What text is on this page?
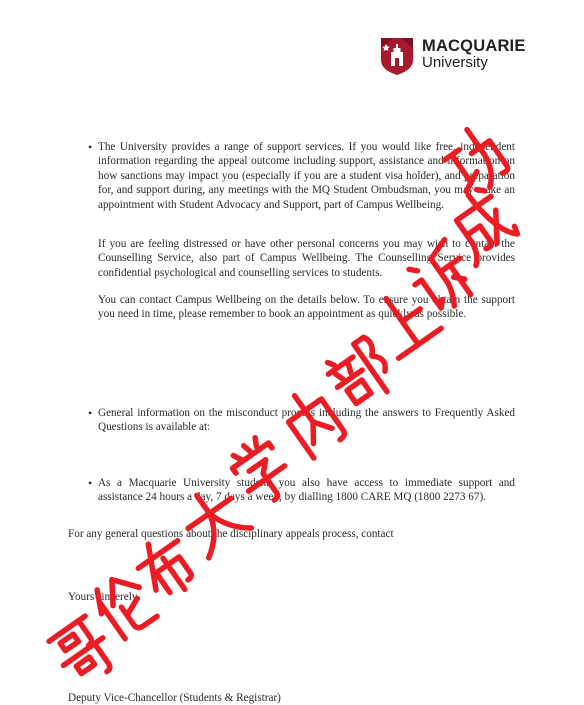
MACQUARIE
University
• The University provides a range of support services. If you would like free, independent information regarding the appeal outcome including support, assistance and information on how sanctions may impact you (especially if you are a student visa holder), and preparation for, and support during, any meetings with the MQ Student Ombudsman, you may make an appointment with Student Advocacy and Support, part of Campus Wellbeing.

If you are feeling distressed or have other personal concerns you may wish to contact the Counselling Service, also part of Campus Wellbeing. The Counselling Service provides confidential psychological and counselling services to students.

You can contact Campus Wellbeing on the details below. To ensure you obtain the support you need in time, please remember to book an appointment as quickly as possible.

• General information on the misconduct process including the answers to Frequently Asked Questions is available at:

• As a Macquarie University student, you also have access to immediate support and assistance 24 hours a day, 7 days a week, by dialling 1800 CARE MQ (1800 2273 67).

For any general questions about the disciplinary appeals process, contact

Yours sincerely

Deputy Vice-Chancellor (Students & Registrar)
